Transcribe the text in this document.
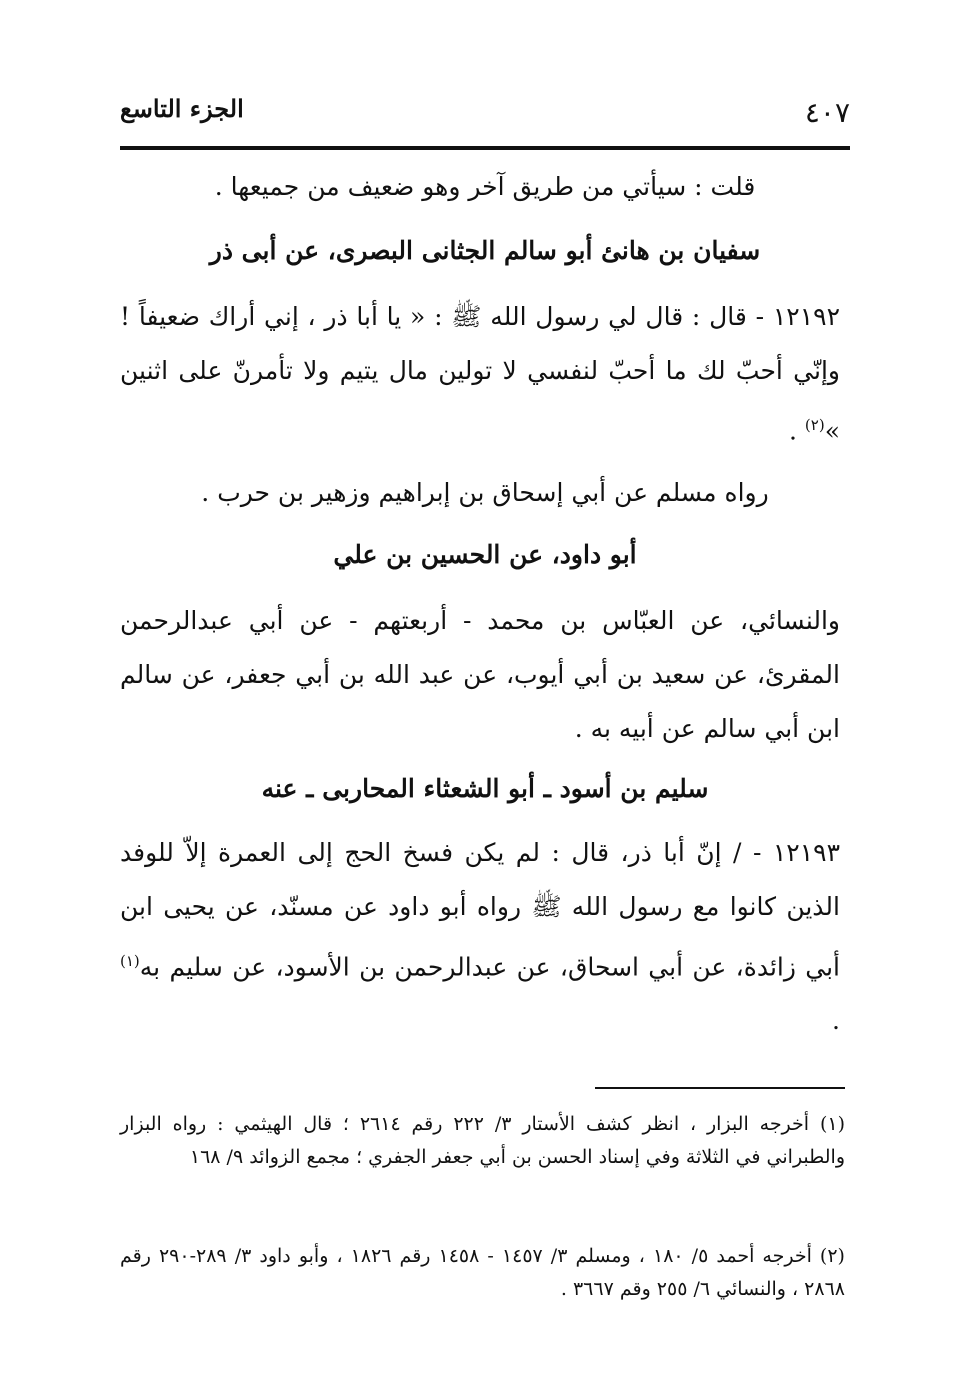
الجزء التاسع	٤٠٧
قلت : سيأتي من طريق آخر وهو ضعيف من جميعها .
سفيان بن هانئ أبو سالم الجثانى البصرى، عن أبى ذر
١٢١٩٢ - قال : قال لي رسول الله ﷺ : « يا أبا ذر ، إني أراك ضعيفاً ! وإنّي أحبّ لك ما أحبّ لنفسي لا تولين مال يتيم ولا تأمرنّ على اثنين »$^{(٢)}$ .
رواه مسلم عن أبي إسحاق بن إبراهيم وزهير بن حرب .
أبو داود، عن الحسين بن علي
والنسائي، عن العبّاس بن محمد - أربعتهم - عن أبي عبدالرحمن المقرئ، عن سعيد بن أبي أيوب، عن عبد الله بن أبي جعفر، عن سالم ابن أبي سالم عن أبيه به .
سليم بن أسود ـ أبو الشعثاء المحاربى ـ عنه
١٢١٩٣ - / إنّ أبا ذر، قال : لم يكن فسخ الحج إلى العمرة إلاّ للوفد الذين كانوا مع رسول الله ﷺ رواه أبو داود عن مسنّد، عن يحيى ابن أبي زائدة، عن أبي اسحاق، عن عبدالرحمن بن الأسود، عن سليم به$^{(١)}$ .
(١) أخرجه البزار ، انظر كشف الأستار ٣/ ٢٢٢ رقم ٢٦١٤ ؛ قال الهيثمي : رواه البزار والطبراني في الثلاثة وفي إسناد الحسن بن أبي جعفر الجفري ؛ مجمع الزوائد ٩/ ١٦٨
(٢) أخرجه أحمد ٥/ ١٨٠ ، ومسلم ٣/ ١٤٥٧ - ١٤٥٨ رقم ١٨٢٦ ، وأبو داود ٣/ ٢٨٩-٢٩٠ رقم ٢٨٦٨ ، والنسائي ٦/ ٢٥٥ وقم ٣٦٦٧ .
